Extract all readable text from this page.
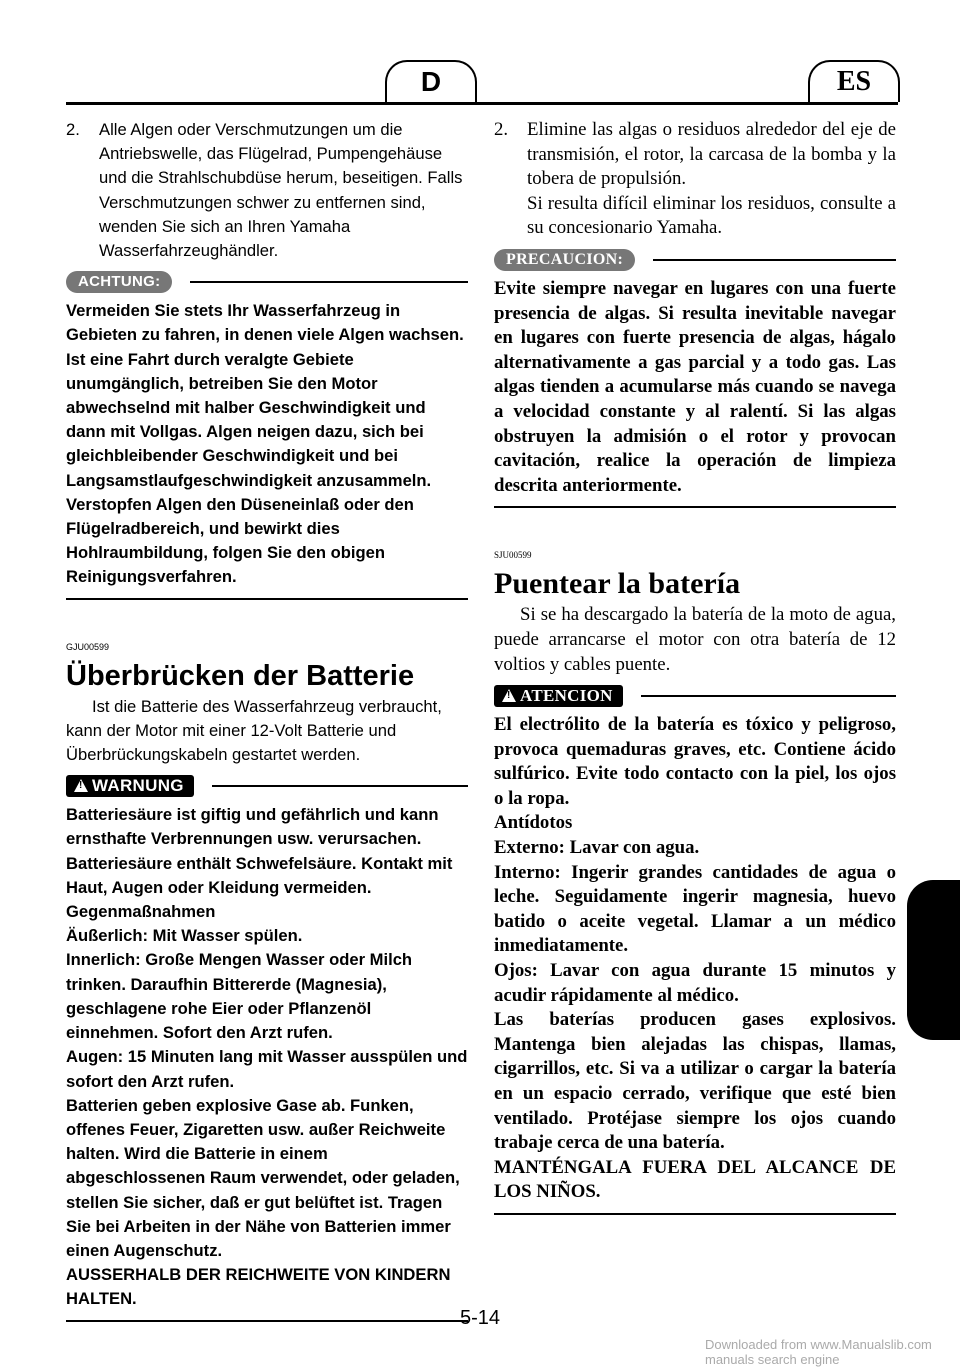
D	ES
2.	Alle Algen oder Verschmutzungen um die Antriebswelle, das Flügelrad, Pumpengehäuse und die Strahlschubdüse herum, beseitigen. Falls Verschmutzungen schwer zu entfernen sind, wenden Sie sich an Ihren Yamaha Wasserfahrzeughändler.
ACHTUNG:
Vermeiden Sie stets Ihr Wasserfahrzeug in Gebieten zu fahren, in denen viele Algen wachsen. Ist eine Fahrt durch veralgte Gebiete unumgänglich, betreiben Sie den Motor abwechselnd mit halber Geschwindigkeit und dann mit Vollgas. Algen neigen dazu, sich bei gleichbleibender Geschwindigkeit und bei Langsamstlaufgeschwindigkeit anzusammeln. Verstopfen Algen den Düseneinlaß oder den Flügelradbereich, und bewirkt dies Hohlraumbildung, folgen Sie den obigen Reinigungsverfahren.
GJU00599
Überbrücken der Batterie
Ist die Batterie des Wasserfahrzeug verbraucht, kann der Motor mit einer 12-Volt Batterie und Überbrückungskabeln gestartet werden.
!WARNUNG
Batteriesäure ist giftig und gefährlich und kann ernsthafte Verbrennungen usw. verursachen. Batteriesäure enthält Schwefelsäure. Kontakt mit Haut, Augen oder Kleidung vermeiden.
Gegenmaßnahmen
Äußerlich: Mit Wasser spülen.
Innerlich: Große Mengen Wasser oder Milch trinken. Daraufhin Bittererde (Magnesia), geschlagene rohe Eier oder Pflanzenöl einnehmen. Sofort den Arzt rufen.
Augen: 15 Minuten lang mit Wasser ausspülen und sofort den Arzt rufen.
Batterien geben explosive Gase ab. Funken, offenes Feuer, Zigaretten usw. außer Reichweite halten. Wird die Batterie in einem abgeschlossenen Raum verwendet, oder geladen, stellen Sie sicher, daß er gut belüftet ist. Tragen Sie bei Arbeiten in der Nähe von Batterien immer einen Augenschutz.
AUSSERHALB DER REICHWEITE VON KINDERN HALTEN.
2.	Elimine las algas o residuos alrededor del eje de transmisión, el rotor, la carcasa de la bomba y la tobera de propulsión.
Si resulta difícil eliminar los residuos, consulte a su concesionario Yamaha.
PRECAUCION:
Evite siempre navegar en lugares con una fuerte presencia de algas. Si resulta inevitable navegar en lugares con fuerte presencia de algas, hágalo alternativamente a gas parcial y a todo gas. Las algas tienden a acumularse más cuando se navega a velocidad constante y al ralentí. Si las algas obstruyen la admisión o el rotor y provocan cavitación, realice la operación de limpieza descrita anteriormente.
SJU00599
Puentear la batería
Si se ha descargado la batería de la moto de agua, puede arrancarse el motor con otra batería de 12 voltios y cables puente.
!ATENCION
El electrólito de la batería es tóxico y peligroso, provoca quemaduras graves, etc. Contiene ácido sulfúrico. Evite todo contacto con la piel, los ojos o la ropa.
Antídotos
Externo: Lavar con agua.
Interno: Ingerir grandes cantidades de agua o leche. Seguidamente ingerir magnesia, huevo batido o aceite vegetal. Llamar a un médico inmediatamente.
Ojos: Lavar con agua durante 15 minutos y acudir rápidamente al médico.
Las baterías producen gases explosivos. Mantenga bien alejadas las chispas, llamas, cigarrillos, etc. Si va a utilizar o cargar la batería en un espacio cerrado, verifique que esté bien ventilado. Protéjase siempre los ojos cuando trabaje cerca de una batería.
MANTÉNGALA FUERA DEL ALCANCE DE LOS NIÑOS.
5-14
Downloaded from www.Manualslib.com manuals search engine
